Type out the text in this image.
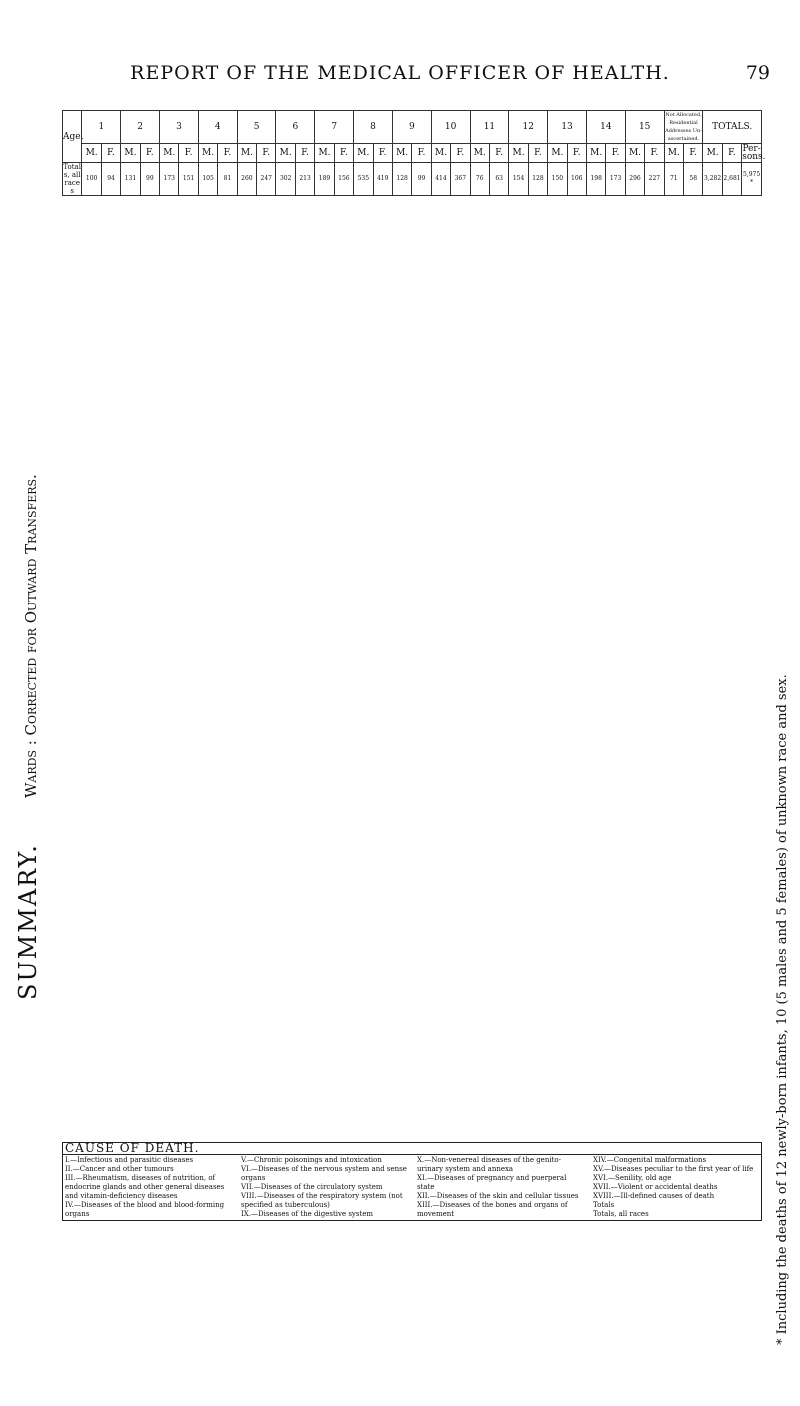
REPORT OF THE MEDICAL OFFICER OF HEALTH.	79
SUMMARY. Wards : Corrected for Outward Transfers.
* Including the deaths of 12 newly-born infants, 10 (5 males and 5 females) of unknown race and sex.
Age.	1		2		3		4		5		6		7		8		9		10		11		12		13		14		15		Not Allocated, Residential Addresses Un-ascertained.		TOTALS.		
	M.	F.	M.	F.	M.	F.	M.	F.	M.	F.	M.	F.	M.	F.	M.	F.	M.	F.	M.	F.	M.	F.	M.	F.	M.	F.	M.	F.	M.	F.	M.	F.	M.	F.	Per-sons.
Totals, all races	100	94	131	99	173	151	105	81	260	247	302	213	189	156	535	419	128	99	414	367	76	63	154	128	150	106	198	173	296	227	71	58	3,282	2,681	5,975*
CAUSE OF DEATH.

I.—Infectious and parasitic diseases
II.—Cancer and other tumours
III.—Rheumatism, diseases of nutrition, of endocrine glands and other general diseases and vitamin-deficiency diseases
IV.—Diseases of the blood and blood-forming organs
V.—Chronic poisonings and intoxication
VI.—Diseases of the nervous system and sense organs
VII.—Diseases of the circulatory system
VIII.—Diseases of the respiratory system (not specified as tuberculous)
IX.—Diseases of the digestive system
X.—Non-venereal diseases of the genito-urinary system and annexa
XI.—Diseases of pregnancy and puerperal state
XII.—Diseases of the skin and cellular tissues
XIII.—Diseases of the bones and organs of movement
XIV.—Congenital malformations
XV.—Diseases peculiar to the first year of life
XVI.—Senility, old age
XVII.—Violent or accidental deaths
XVIII.—Ill-defined causes of death
Totals
Totals, all races
